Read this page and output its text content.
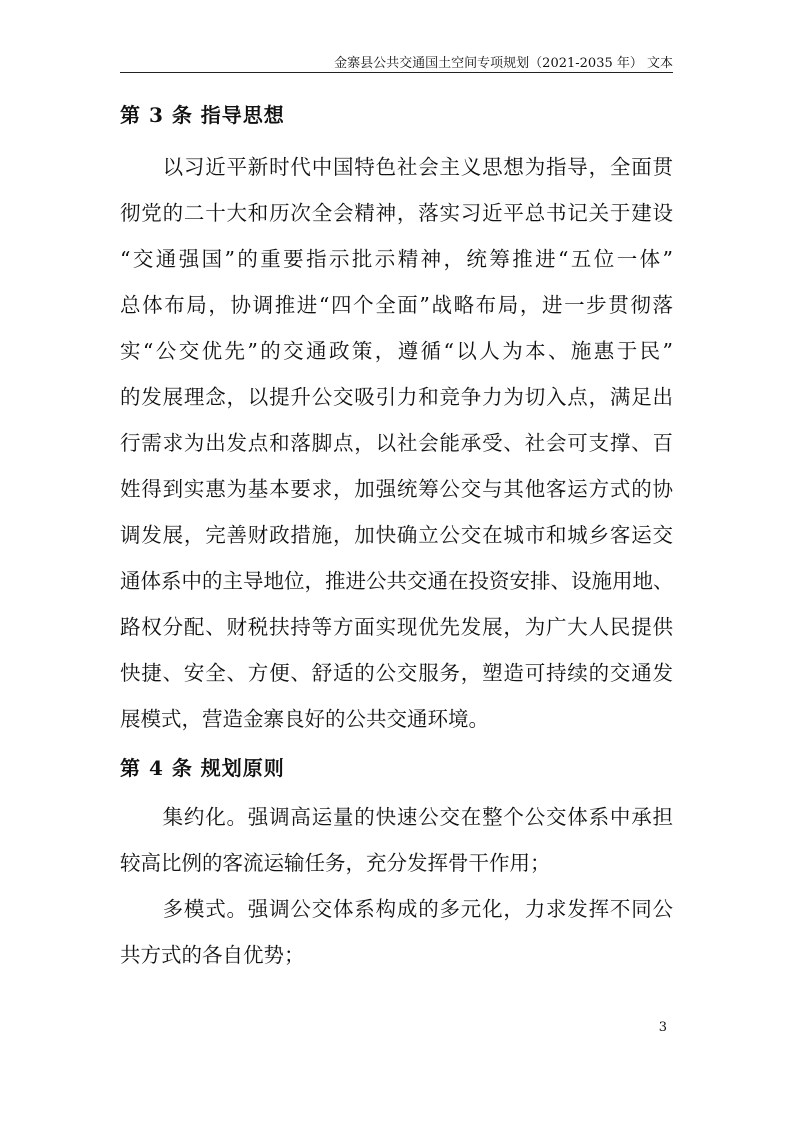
金寨县公共交通国土空间专项规划（2021-2035 年） 文本
第 3 条 指导思想
　　以习近平新时代中国特色社会主义思想为指导，全面贯
彻党的二十大和历次全会精神，落实习近平总书记关于建设
“交通强国”的重要指示批示精神，统筹推进“五位一体”
总体布局，协调推进“四个全面”战略布局，进一步贯彻落
实“公交优先”的交通政策，遵循“以人为本、施惠于民”
的发展理念，以提升公交吸引力和竞争力为切入点，满足出
行需求为出发点和落脚点，以社会能承受、社会可支撑、百
姓得到实惠为基本要求，加强统筹公交与其他客运方式的协
调发展，完善财政措施，加快确立公交在城市和城乡客运交
通体系中的主导地位，推进公共交通在投资安排、设施用地、
路权分配、财税扶持等方面实现优先发展，为广大人民提供
快捷、安全、方便、舒适的公交服务，塑造可持续的交通发
展模式，营造金寨良好的公共交通环境。
第 4 条 规划原则
　　集约化。强调高运量的快速公交在整个公交体系中承担
较高比例的客流运输任务，充分发挥骨干作用；
　　多模式。强调公交体系构成的多元化，力求发挥不同公
共方式的各自优势；
3
